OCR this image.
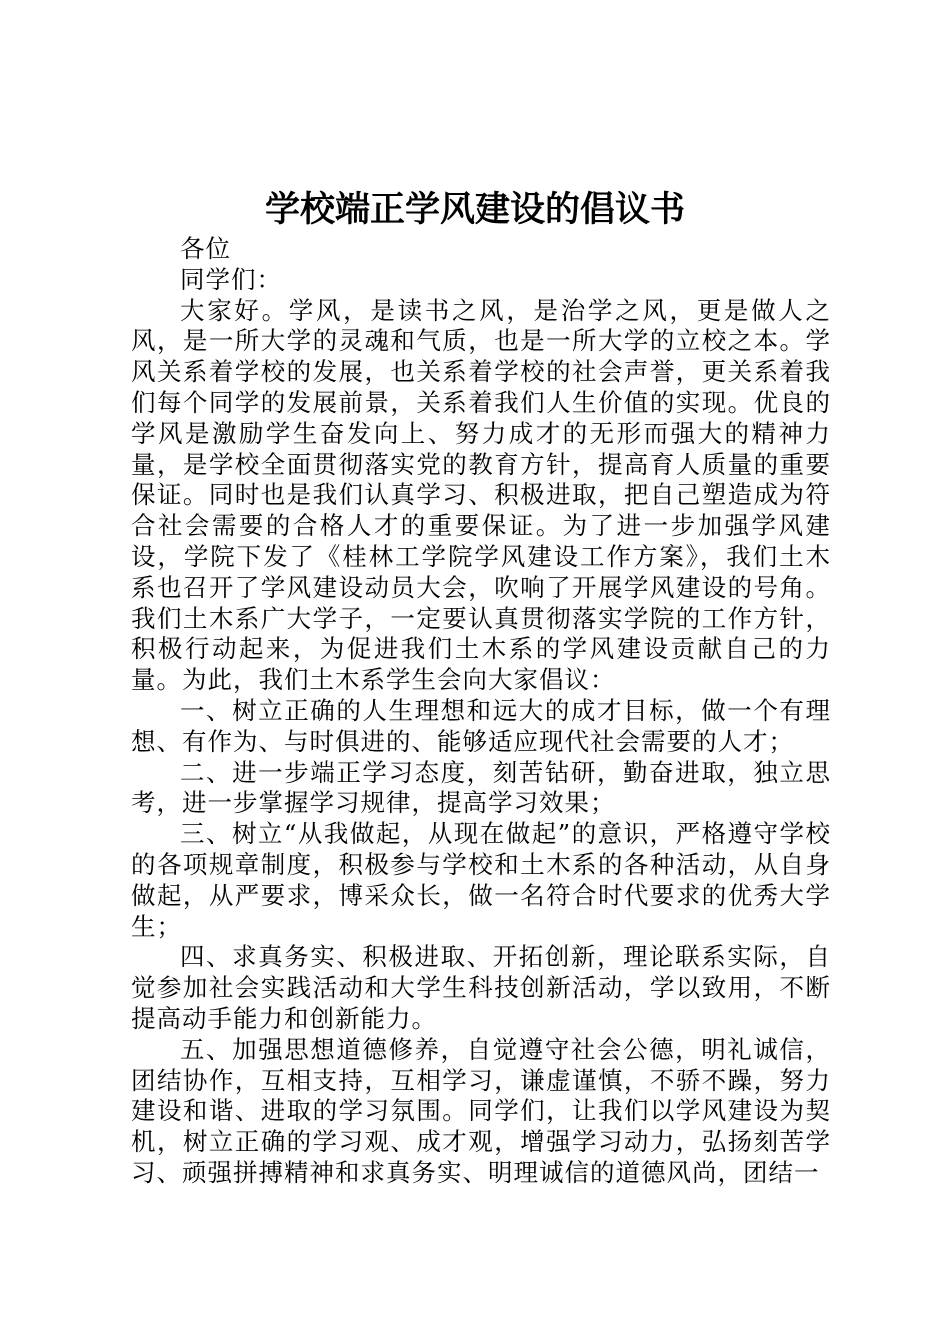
学校端正学风建设的倡议书

各位

同学们：

大家好。学风，是读书之风，是治学之风，更是做人之风，是一所大学的灵魂和气质，也是一所大学的立校之本。学风关系着学校的发展，也关系着学校的社会声誉，更关系着我们每个同学的发展前景，关系着我们人生价值的实现。优良的学风是激励学生奋发向上、努力成才的无形而强大的精神力量，是学校全面贯彻落实党的教育方针，提高育人质量的重要保证。同时也是我们认真学习、积极进取，把自己塑造成为符合社会需要的合格人才的重要保证。为了进一步加强学风建设，学院下发了《桂林工学院学风建设工作方案》，我们土木系也召开了学风建设动员大会，吹响了开展学风建设的号角。我们土木系广大学子，一定要认真贯彻落实学院的工作方针，积极行动起来，为促进我们土木系的学风建设贡献自己的力量。为此，我们土木系学生会向大家倡议：

一、树立正确的人生理想和远大的成才目标，做一个有理想、有作为、与时俱进的、能够适应现代社会需要的人才；

二、进一步端正学习态度，刻苦钻研，勤奋进取，独立思考，进一步掌握学习规律，提高学习效果；

三、树立“从我做起，从现在做起”的意识，严格遵守学校的各项规章制度，积极参与学校和土木系的各种活动，从自身做起，从严要求，博采众长，做一名符合时代要求的优秀大学生；

四、求真务实、积极进取、开拓创新，理论联系实际，自觉参加社会实践活动和大学生科技创新活动，学以致用，不断提高动手能力和创新能力。

五、加强思想道德修养，自觉遵守社会公德，明礼诚信，团结协作，互相支持，互相学习，谦虚谨慎，不骄不躁，努力建设和谐、进取的学习氛围。同学们，让我们以学风建设为契机，树立正确的学习观、成才观，增强学习动力，弘扬刻苦学习、顽强拼搏精神和求真务实、明理诚信的道德风尚，团结一
